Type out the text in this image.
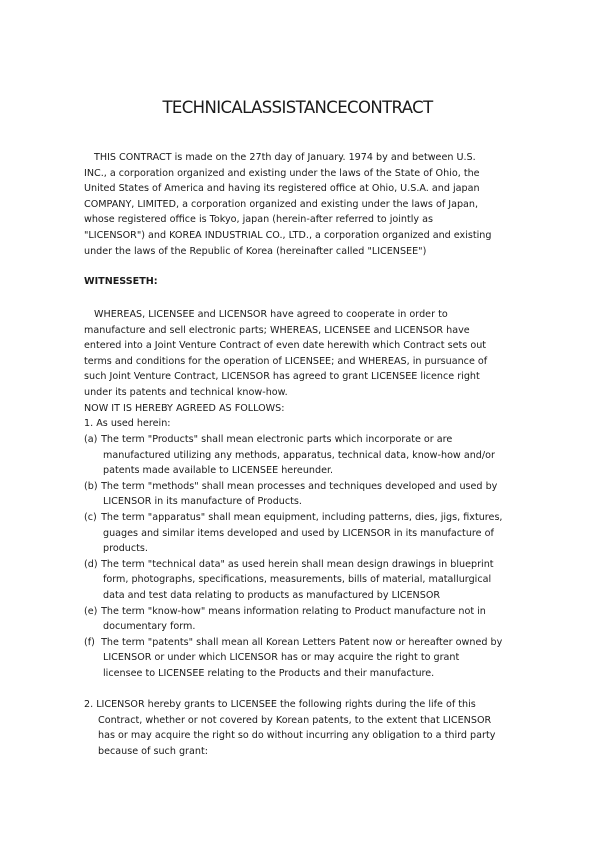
TECHNICALASSISTANCECONTRACT
THIS CONTRACT is made on the 27th day of January. 1974 by and between U.S.
INC., a corporation organized and existing under the laws of the State of Ohio, the
United States of America and having its registered office at Ohio, U.S.A. and japan
COMPANY, LIMITED, a corporation organized and existing under the laws of Japan,
whose registered office is Tokyo, japan (herein-after referred to jointly as
"LICENSOR") and KOREA INDUSTRIAL CO., LTD., a corporation organized and existing
under the laws of the Republic of Korea (hereinafter called "LICENSEE")
WITNESSETH:
WHEREAS, LICENSEE and LICENSOR have agreed to cooperate in order to
manufacture and sell electronic parts; WHEREAS, LICENSEE and LICENSOR have
entered into a Joint Venture Contract of even date herewith which Contract sets out
terms and conditions for the operation of LICENSEE; and WHEREAS, in pursuance of
such Joint Venture Contract, LICENSOR has agreed to grant LICENSEE licence right
under its patents and technical know-how.
NOW IT IS HEREBY AGREED AS FOLLOWS:
1. As used herein:
(a) The term "Products" shall mean electronic parts which incorporate or are
manufactured utilizing any methods, apparatus, technical data, know-how and/or
patents made available to LICENSEE hereunder.
(b) The term "methods" shall mean processes and techniques developed and used by
LICENSOR in its manufacture of Products.
(c) The term "apparatus" shall mean equipment, including patterns, dies, jigs, fixtures,
guages and similar items developed and used by LICENSOR in its manufacture of
products.
(d) The term "technical data" as used herein shall mean design drawings in blueprint
form, photographs, specifications, measurements, bills of material, matallurgical
data and test data relating to products as manufactured by LICENSOR
(e) The term "know-how" means information relating to Product manufacture not in
documentary form.
(f) The term "patents" shall mean all Korean Letters Patent now or hereafter owned by
LICENSOR or under which LICENSOR has or may acquire the right to grant
licensee to LICENSEE relating to the Products and their manufacture.
2. LICENSOR hereby grants to LICENSEE the following rights during the life of this
Contract, whether or not covered by Korean patents, to the extent that LICENSOR
has or may acquire the right so do without incurring any obligation to a third party
because of such grant:
